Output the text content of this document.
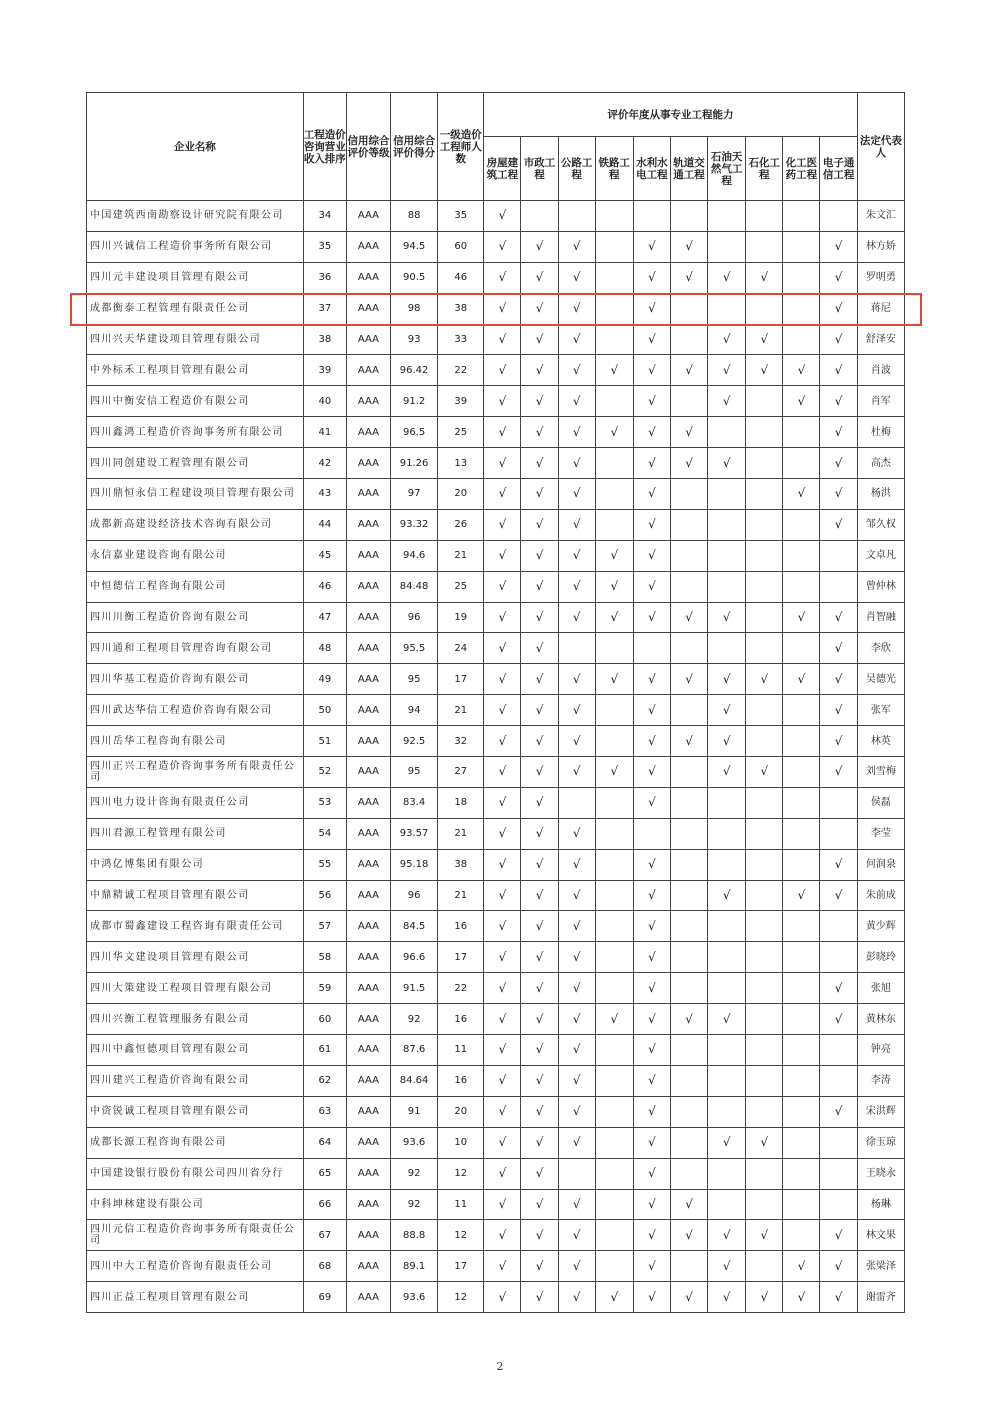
企业名称	工程造价咨询营业收入排序	信用综合评价等级	信用综合评价得分	一级造价工程师人数	评价年度从事专业工程能力										法定代表人
					房屋建筑工程	市政工程	公路工程	铁路工程	水利水电工程	轨道交通工程	石油天然气工程	石化工程	化工医药工程	电子通信工程	
中国建筑西南勘察设计研究院有限公司	34	AAA	88	35	√										朱文汇
四川兴诚信工程造价事务所有限公司	35	AAA	94.5	60	√	√	√		√	√				√	林方娇
四川元丰建设项目管理有限公司	36	AAA	90.5	46	√	√	√		√	√	√	√		√	罗明勇
成都衡泰工程管理有限责任公司	37	AAA	98	38	√	√	√		√					√	蒋尼
四川兴天华建设项目管理有限公司	38	AAA	93	33	√	√	√		√		√	√		√	舒泽安
中外标禾工程项目管理有限公司	39	AAA	96.42	22	√	√	√	√	√	√	√	√	√	√	肖波
四川中衡安信工程造价有限公司	40	AAA	91.2	39	√	√	√		√		√		√	√	肖军
四川鑫鸿工程造价咨询事务所有限公司	41	AAA	96.5	25	√	√	√	√	√	√				√	杜梅
四川同创建设工程管理有限公司	42	AAA	91.26	13	√	√	√		√	√	√			√	高杰
四川鼎恒永信工程建设项目管理有限公司	43	AAA	97	20	√	√	√		√				√	√	杨洪
成都新高建设经济技术咨询有限公司	44	AAA	93.32	26	√	√	√		√					√	邹久权
永信嘉业建设咨询有限公司	45	AAA	94.6	21	√	√	√	√	√						文卓凡
中恒德信工程咨询有限公司	46	AAA	84.48	25	√	√	√	√	√						曾仲林
四川川衡工程造价咨询有限公司	47	AAA	96	19	√	√	√	√	√	√	√		√	√	肖智融
四川通和工程项目管理咨询有限公司	48	AAA	95.5	24	√	√								√	李欣
四川华基工程造价咨询有限公司	49	AAA	95	17	√	√	√	√	√	√	√	√	√	√	吴德光
四川武达华信工程造价咨询有限公司	50	AAA	94	21	√	√	√		√		√			√	张军
四川岳华工程咨询有限公司	51	AAA	92.5	32	√	√	√		√	√	√			√	林英
四川正兴工程造价咨询事务所有限责任公司	52	AAA	95	27	√	√	√	√	√		√	√		√	刘雪梅
四川电力设计咨询有限责任公司	53	AAA	83.4	18	√	√			√						侯磊
四川君源工程管理有限公司	54	AAA	93.57	21	√	√	√								李莹
中鸿亿博集团有限公司	55	AAA	95.18	38	√	√	√		√					√	何润泉
中鼎精诚工程项目管理有限公司	56	AAA	96	21	√	√	√		√		√		√	√	朱前成
成都市蜀鑫建设工程咨询有限责任公司	57	AAA	84.5	16	√	√	√		√						黄少辉
四川华文建设项目管理有限公司	58	AAA	96.6	17	√	√	√		√						彭晓玲
四川大策建设工程项目管理有限公司	59	AAA	91.5	22	√	√	√		√					√	张旭
四川兴衡工程管理服务有限公司	60	AAA	92	16	√	√	√	√	√	√	√			√	黄林东
四川中鑫恒德项目管理有限公司	61	AAA	87.6	11	√	√	√		√						钟亮
四川建兴工程造价咨询有限公司	62	AAA	84.64	16	√	√	√		√						李涛
中资锐诚工程项目管理有限公司	63	AAA	91	20	√	√	√		√					√	宋洪辉
成都长源工程咨询有限公司	64	AAA	93.6	10	√	√	√		√		√	√			徐玉琼
中国建设银行股份有限公司四川省分行	65	AAA	92	12	√	√			√						王晓永
中科坤林建设有限公司	66	AAA	92	11	√	√	√		√	√					杨琳
四川元信工程造价咨询事务所有限责任公司	67	AAA	88.8	12	√	√	√		√	√	√	√		√	林文果
四川中大工程造价咨询有限责任公司	68	AAA	89.1	17	√	√	√		√		√		√	√	张梁泽
四川正益工程项目管理有限公司	69	AAA	93.6	12	√	√	√	√	√	√	√	√	√	√	谢雷齐
2
